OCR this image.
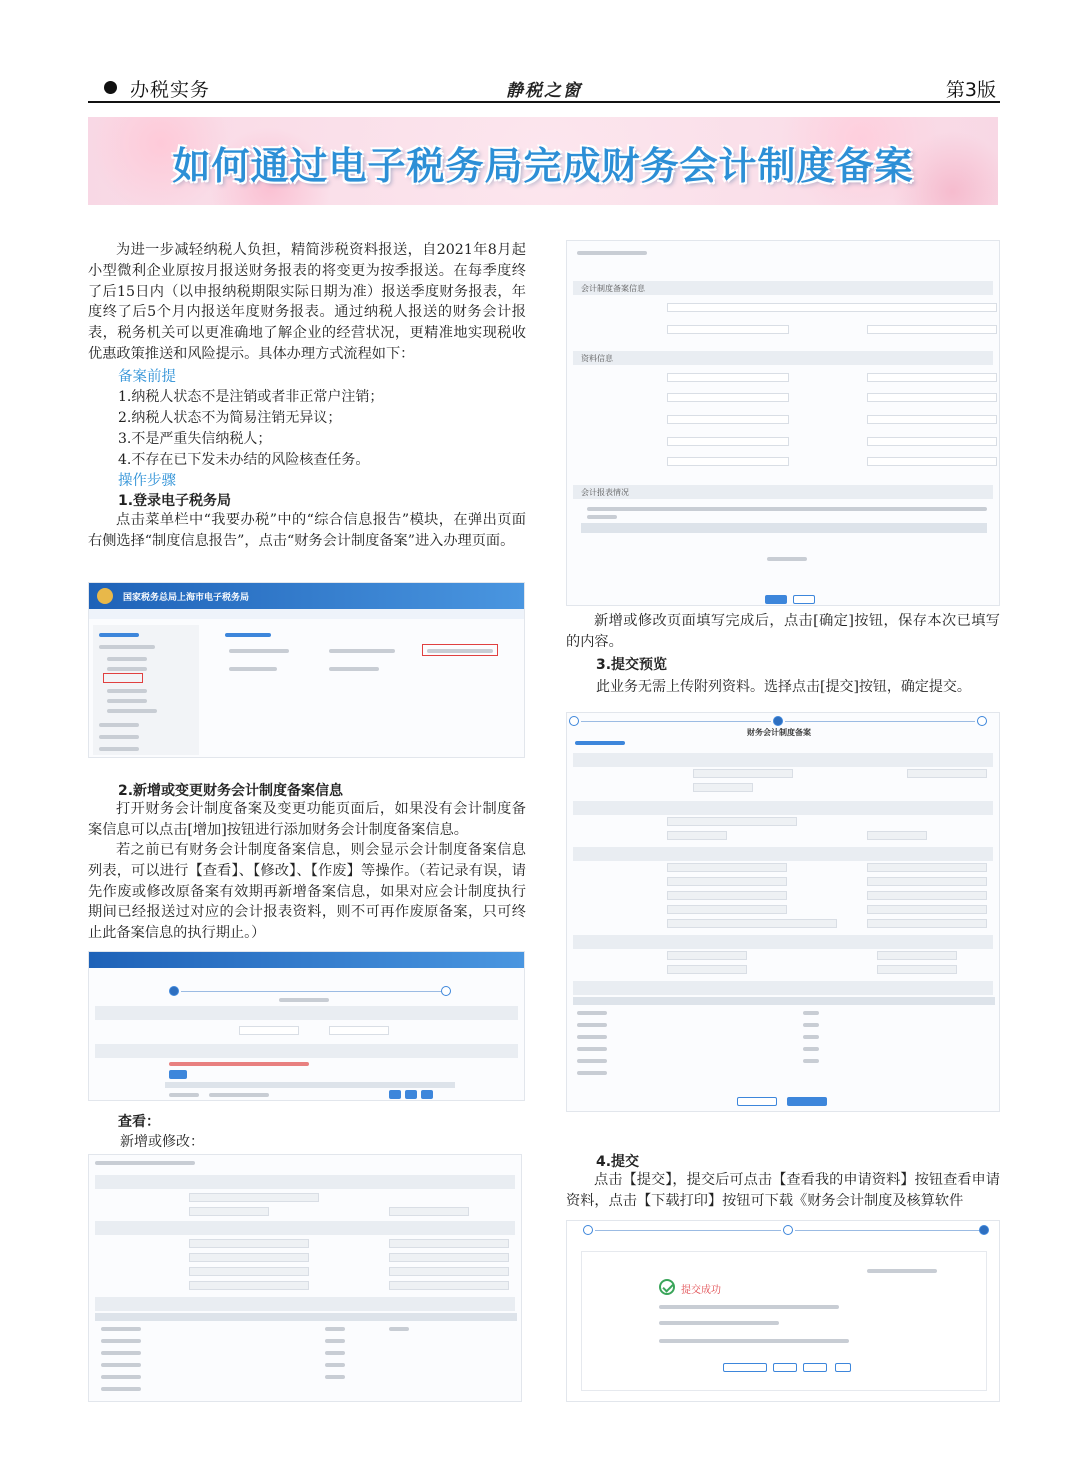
办税实务	静税之窗	第3版
如何通过电子税务局完成财务会计制度备案
为进一步减轻纳税人负担，精简涉税资料报送，自2021年8月起小型微利企业原按月报送财务报表的将变更为按季报送。在每季度终了后15日内（以申报纳税期限实际日期为准）报送季度财务报表，年度终了后5个月内报送年度财务报表。通过纳税人报送的财务会计报表，税务机关可以更准确地了解企业的经营状况，更精准地实现税收优惠政策推送和风险提示。具体办理方式流程如下：
备案前提
1.纳税人状态不是注销或者非正常户注销；
2.纳税人状态不为简易注销无异议；
3.不是严重失信纳税人；
4.不存在已下发未办结的风险核查任务。
操作步骤
1.登录电子税务局
点击菜单栏中“我要办税”中的“综合信息报告”模块，在弹出页面右侧选择“制度信息报告”，点击“财务会计制度备案”进入办理页面。
国家税务总局上海市电子税务局
2.新增或变更财务会计制度备案信息
打开财务会计制度备案及变更功能页面后，如果没有会计制度备案信息可以点击[增加]按钮进行添加财务会计制度备案信息。
若之前已有财务会计制度备案信息，则会显示会计制度备案信息列表，可以进行【查看】、【修改】、【作废】等操作。（若记录有误，请先作废或修改原备案有效期再新增备案信息，如果对应会计制度执行期间已经报送过对应的会计报表资料，则不可再作废原备案，只可终止此备案信息的执行期止。）
查看：
新增或修改：
会计制度备案信息
资料信息
会计报表情况
新增或修改页面填写完成后，点击[确定]按钮，保存本次已填写的内容。
3.提交预览
此业务无需上传附列资料。选择点击[提交]按钮，确定提交。
财务会计制度备案
4.提交
点击【提交】，提交后可点击【查看我的申请资料】按钮查看申请资料，点击【下载打印】按钮可下载《财务会计制度及核算软件
提交成功
